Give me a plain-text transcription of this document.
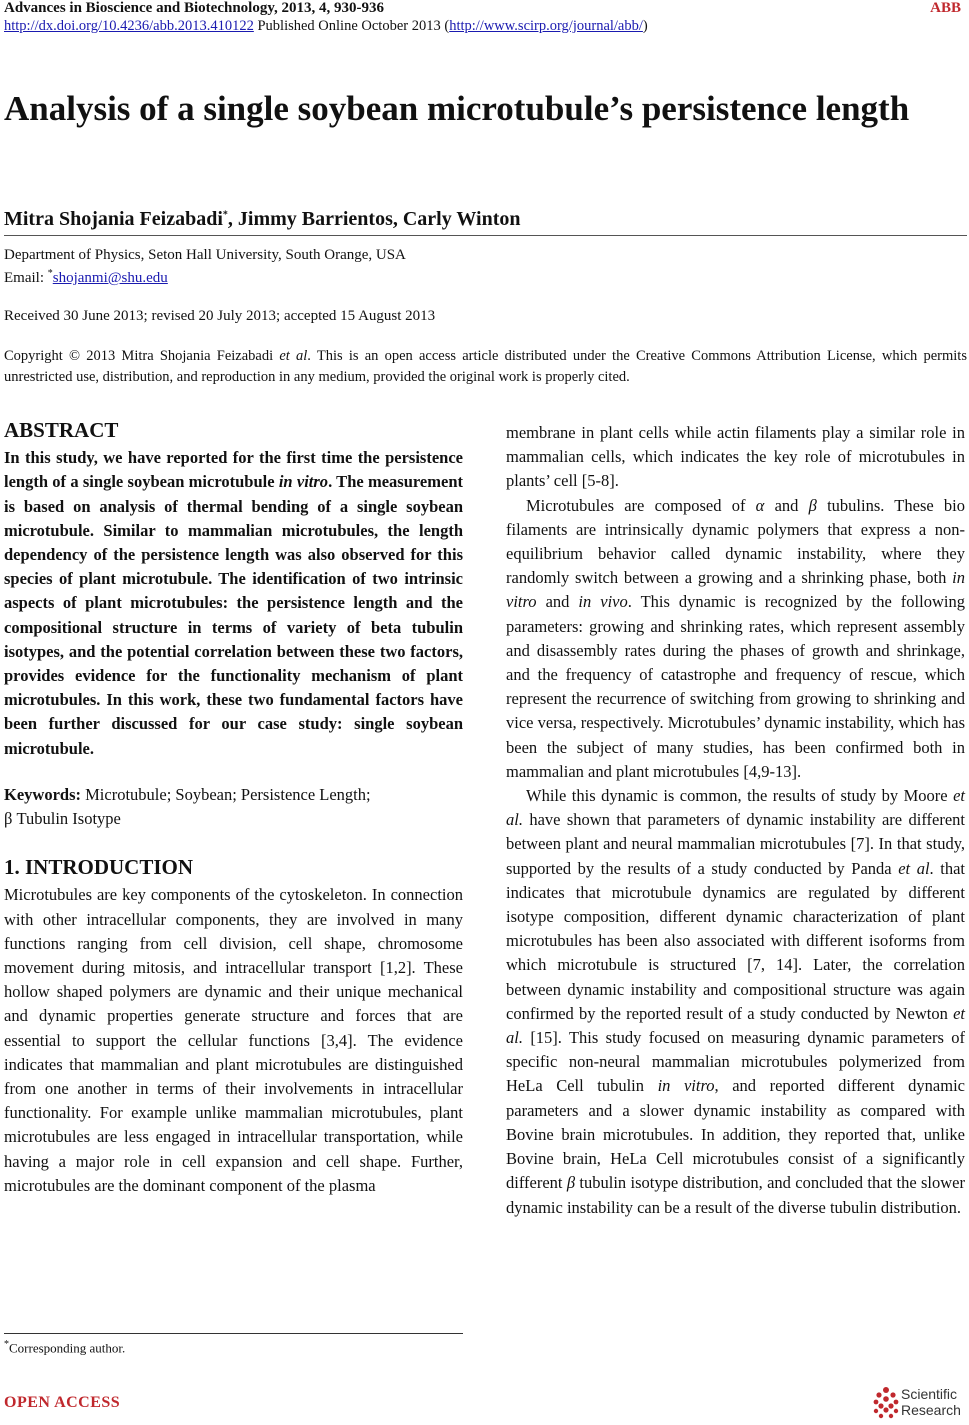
Advances in Bioscience and Biotechnology, 2013, 4, 930-936	ABB
http://dx.doi.org/10.4236/abb.2013.410122 Published Online October 2013 (http://www.scirp.org/journal/abb/)
Analysis of a single soybean microtubule’s persistence length
Mitra Shojania Feizabadi*, Jimmy Barrientos, Carly Winton
Department of Physics, Seton Hall University, South Orange, USA
Email: *shojanmi@shu.edu
Received 30 June 2013; revised 20 July 2013; accepted 15 August 2013
Copyright © 2013 Mitra Shojania Feizabadi et al. This is an open access article distributed under the Creative Commons Attribution License, which permits unrestricted use, distribution, and reproduction in any medium, provided the original work is properly cited.
ABSTRACT

In this study, we have reported for the first time the persistence length of a single soybean microtubule in vitro. The measurement is based on analysis of thermal bending of a single soybean microtubule. Similar to mammalian microtubules, the length dependency of the persistence length was also observed for this species of plant microtubule. The identification of two intrinsic aspects of plant microtubules: the persistence length and the compositional structure in terms of variety of beta tubulin isotypes, and the potential correlation between these two factors, provides evidence for the functionality mechanism of plant microtubules. In this work, these two fundamental factors have been further discussed for our case study: single soybean microtubule.

Keywords: Microtubule; Soybean; Persistence Length;
β Tubulin Isotype

1. INTRODUCTION

Microtubules are key components of the cytoskeleton. In connection with other intracellular components, they are involved in many functions ranging from cell division, cell shape, chromosome movement during mitosis, and intracellular transport [1,2]. These hollow shaped polymers are dynamic and their unique mechanical and dynamic properties generate structure and forces that are essential to support the cellular functions [3,4]. The evidence indicates that mammalian and plant microtubules are distinguished from one another in terms of their involvements in intracellular functionality. For example unlike mammalian microtubules, plant microtubules are less engaged in intracellular transportation, while having a major role in cell expansion and cell shape. Further, microtubules are the dominant component of the plasma

membrane in plant cells while actin filaments play a similar role in mammalian cells, which indicates the key role of microtubules in plants’ cell [5-8].

Microtubules are composed of α and β tubulins. These bio filaments are intrinsically dynamic polymers that express a non-equilibrium behavior called dynamic instability, where they randomly switch between a growing and a shrinking phase, both in vitro and in vivo. This dynamic is recognized by the following parameters: growing and shrinking rates, which represent assembly and disassembly rates during the phases of growth and shrinkage, and the frequency of catastrophe and frequency of rescue, which represent the recurrence of switching from growing to shrinking and vice versa, respectively. Microtubules’ dynamic instability, which has been the subject of many studies, has been confirmed both in mammalian and plant microtubules [4,9-13].

While this dynamic is common, the results of study by Moore et al. have shown that parameters of dynamic instability are different between plant and neural mammalian microtubules [7]. In that study, supported by the results of a study conducted by Panda et al. that indicates that microtubule dynamics are regulated by different isotype composition, different dynamic characterization of plant microtubules has been also associated with different isoforms from which microtubule is structured [7, 14]. Later, the correlation between dynamic instability and compositional structure was again confirmed by the reported result of a study conducted by Newton et al. [15]. This study focused on measuring dynamic parameters of specific non-neural mammalian microtubules polymerized from HeLa Cell tubulin in vitro, and reported different dynamic parameters and a slower dynamic instability as compared with Bovine brain microtubules. In addition, they reported that, unlike Bovine brain, HeLa Cell microtubules consist of a significantly different β tubulin isotype distribution, and concluded that the slower dynamic instability can be a result of the diverse tubulin distribution.

*Corresponding author.
OPEN ACCESS	Scientific
Research
